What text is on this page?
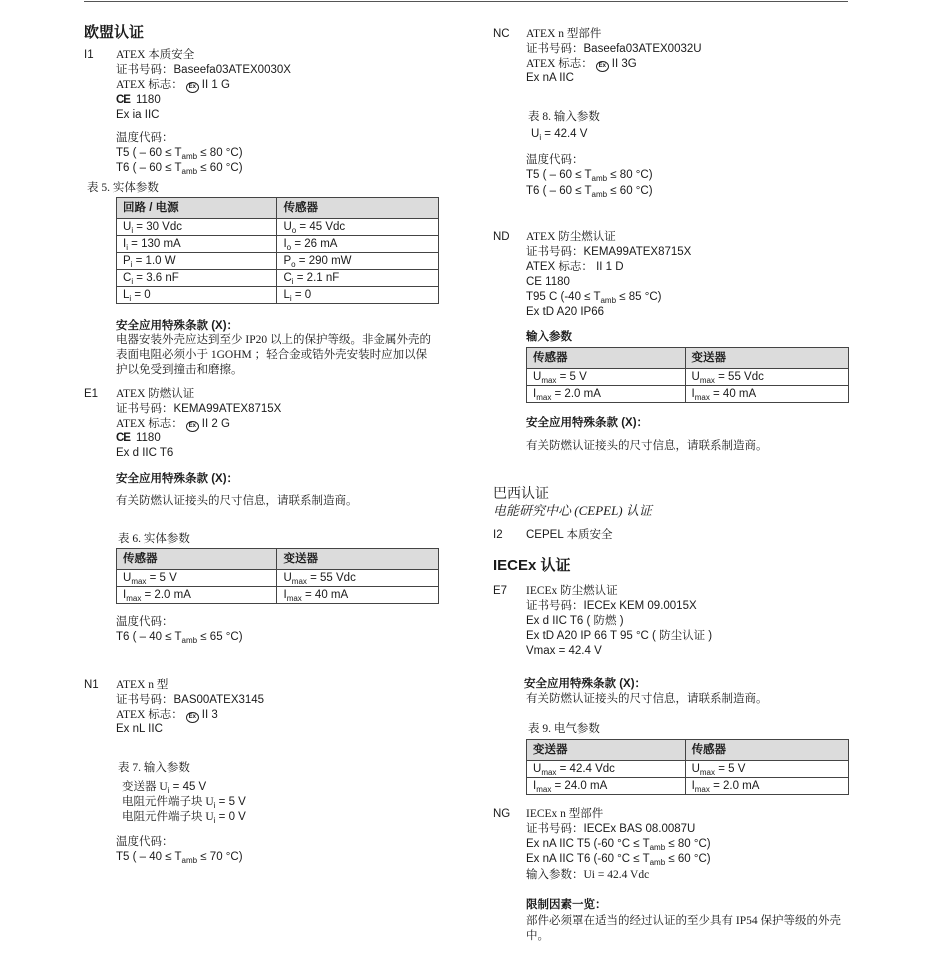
欧盟认证
I1 ATEX 本质安全
证书号码：Baseefa03ATEX0030X
ATEX 标志： Ex II 1 G
CE 1180
Ex ia IIC
温度代码：
T5 ( – $60 \le T_{amb} \le 80$ °C)
T6 ( – $60 \le T_{amb} \le 60$ °C)
表 5. 实体参数
回路 / 电源	传感器
$U_i = 30$ Vdc	$U_o = 45$ Vdc
$I_i = 130$ mA	$I_o = 26$ mA
$P_i = 1.0$ W	$P_o = 290$ mW
$C_i = 3.6$ nF	$C_i = 2.1$ nF
$L_i = 0$	$L_i = 0$
安全应用特殊条款 (X)：
电器安装外壳应达到至少 IP20 以上的保护等级。非金属外壳的表面电阻必须小于 1GOHM ；轻合金或锆外壳安装时应加以保护以免受到撞击和磨擦。
E1 ATEX 防燃认证
证书号码：KEMA99ATEX8715X
ATEX 标志： Ex II 2 G
CE 1180
Ex d IIC T6
安全应用特殊条款 (X)：
有关防燃认证接头的尺寸信息，请联系制造商。
表 6. 实体参数
传感器	变送器
$U_{max} = 5$ V	$U_{max} = 55$ Vdc
$I_{max} = 2.0$ mA	$I_{max} = 40$ mA
温度代码：
T6 ( – $40 \le T_{amb} \le 65$ °C)
N1 ATEX n 型
证书号码：BAS00ATEX3145
ATEX 标志： Ex II 3
Ex nL IIC
表 7. 输入参数
变送器 $U_i = 45$ V
电阻元件端子块 $U_i = 5$ V
电阻元件端子块 $U_i = 0$ V
温度代码：
T5 ( – $40 \le T_{amb} \le 70$ °C)
NC ATEX n 型部件
证书号码：Baseefa03ATEX0032U
ATEX 标志： Ex II 3G
Ex nA IIC
表 8. 输入参数
$U_i = 42.4$ V
温度代码：
T5 ( – $60 \le T_{amb} \le 80$ °C)
T6 ( – $60 \le T_{amb} \le 60$ °C)
ND ATEX 防尘燃认证
证书号码：KEMA99ATEX8715X
ATEX 标志： II 1 D
CE 1180
T95 C ($-40 \le T_{amb} \le 85$ °C)
Ex tD A20 IP66
输入参数
传感器	变送器
$U_{max} = 5$ V	$U_{max} = 55$ Vdc
$I_{max} = 2.0$ mA	$I_{max} = 40$ mA
安全应用特殊条款 (X)：
有关防燃认证接头的尺寸信息，请联系制造商。
巴西认证
电能研究中心 (CEPEL) 认证
I2 CEPEL 本质安全
IECEx 认证
E7 IECEx 防尘燃认证
证书号码：IECEx KEM 09.0015X
Ex d IIC T6 ( 防燃 )
Ex tD A20 IP 66 T 95 °C ( 防尘认证 )
Vmax = 42.4 V
安全应用特殊条款 (X)：
有关防燃认证接头的尺寸信息，请联系制造商。
表 9. 电气参数
变送器	传感器
$U_{max} = 42.4$ Vdc	$U_{max} = 5$ V
$I_{max} = 24.0$ mA	$I_{max} = 2.0$ mA
NG IECEx n 型部件
证书号码：IECEx BAS 08.0087U
Ex nA IIC T5 (-60 $^\circ C \le T_{amb} \le 80$ °C)
Ex nA IIC T6 (-60 $^\circ C \le T_{amb} \le 60$ °C)
输入参数：Ui = 42.4 Vdc
限制因素一览：
部件必须罩在适当的经过认证的至少具有 IP54 保护等级的外壳中。
